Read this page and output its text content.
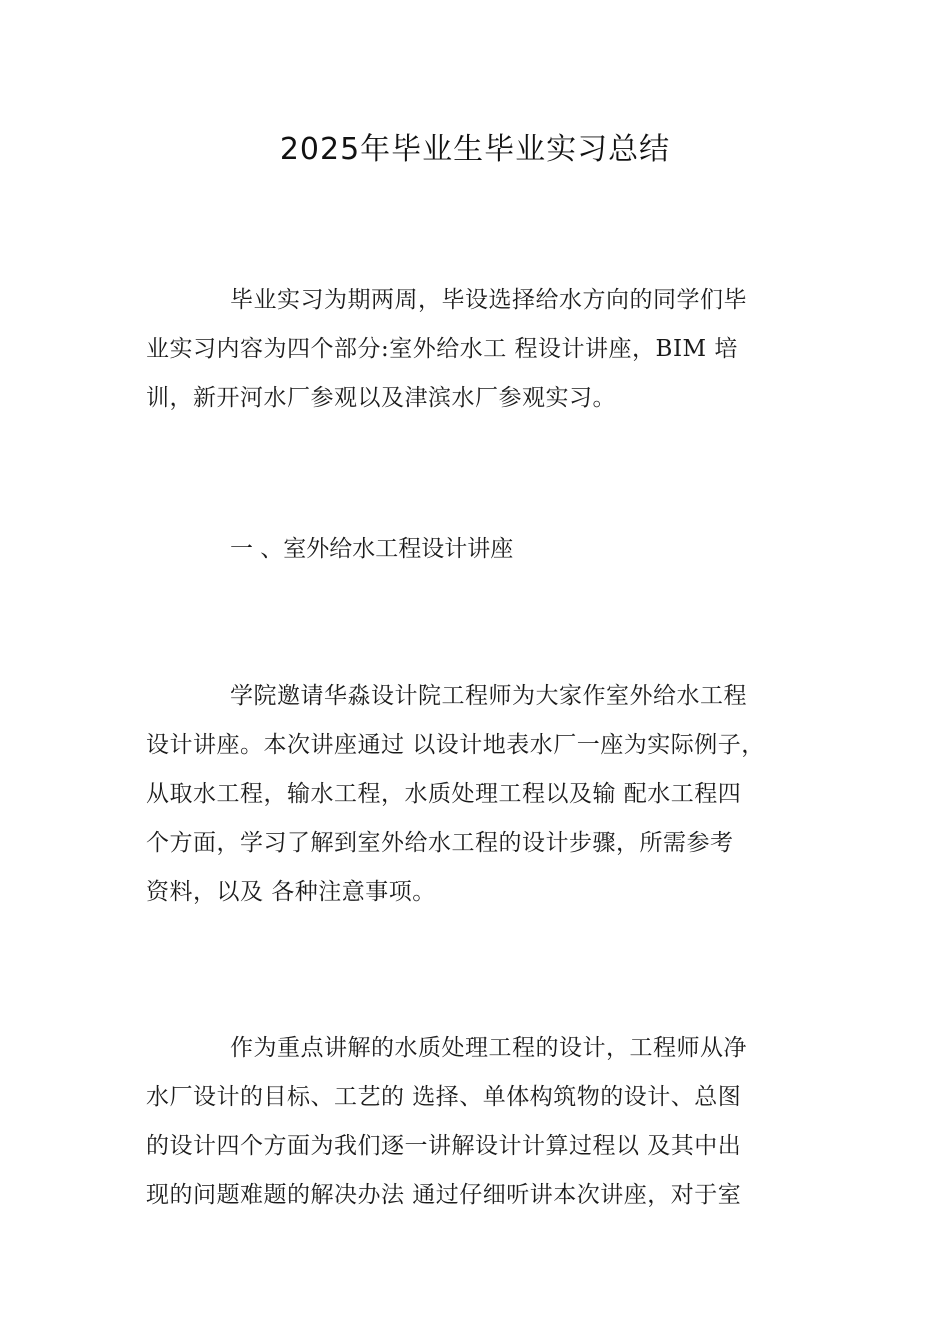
2025年毕业生毕业实习总结
毕业实习为期两周，毕设选择给水方向的同学们毕
业实习内容为四个部分:室外给水工 程设计讲座，BIM 培
训，新开河水厂参观以及津滨水厂参观实习。
一 、室外给水工程设计讲座
学院邀请华淼设计院工程师为大家作室外给水工程
设计讲座。本次讲座通过 以设计地表水厂一座为实际例子，
从取水工程，输水工程，水质处理工程以及输 配水工程四
个方面，学习了解到室外给水工程的设计步骤，所需参考
资料，以及 各种注意事项。
作为重点讲解的水质处理工程的设计，工程师从净
水厂设计的目标、工艺的 选择、单体构筑物的设计、总图
的设计四个方面为我们逐一讲解设计计算过程以 及其中出
现的问题难题的解决办法 通过仔细听讲本次讲座，对于室
